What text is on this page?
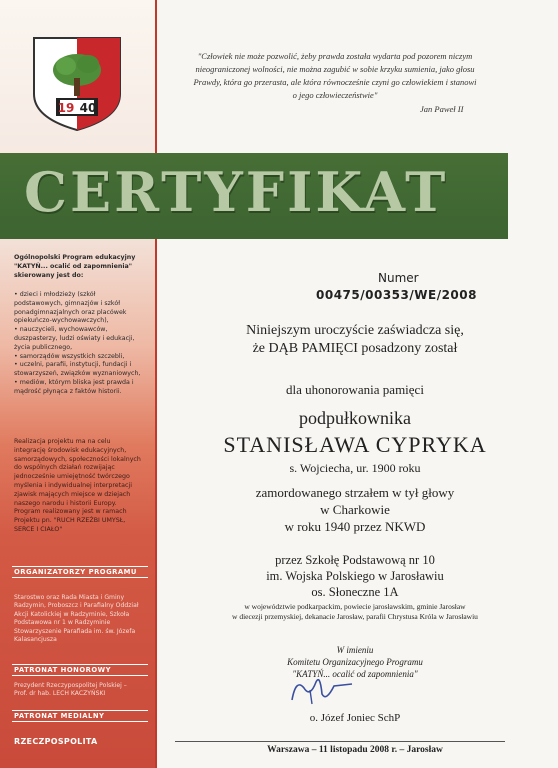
19 40
"Człowiek nie może pozwolić, żeby prawda została wydarta pod pozorem niczym
nieograniczonej wolności, nie można zagubić w sobie krzyku sumienia, jako głosu
Prawdy, która go przerasta, ale która równocześnie czyni go człowiekiem i stanowi
o jego człowieczeństwie"
Jan Paweł II
CERTYFIKAT
Ogólnopolski Program edukacyjny "KATYŃ... ocalić od zapomnienia" skierowany jest do:
• dzieci i młodzieży (szkół podstawowych, gimnazjów i szkół ponadgimnazjalnych oraz placówek opiekuńczo-wychowawczych),
• nauczycieli, wychowawców, duszpasterzy, ludzi oświaty i edukacji, życia publicznego,
• samorządów wszystkich szczebli,
• uczelni, parafii, instytucji, fundacji i stowarzyszeń, związków wyznaniowych,
• mediów, którym bliska jest prawda i mądrość płynąca z faktów historii.
Realizacja projektu ma na celu integrację środowisk edukacyjnych, samorządowych, społeczności lokalnych do wspólnych działań rozwijając jednocześnie umiejętność twórczego myślenia i indywidualnej interpretacji zjawisk mających miejsce w dziejach naszego narodu i historii Europy. Program realizowany jest w ramach Projektu pn. "RUCH RZEŹBI UMYSŁ, SERCE I CIAŁO"
ORGANIZATORZY PROGRAMU
Starostwo oraz Rada Miasta i Gminy Radzymin, Proboszcz i Parafialny Oddział Akcji Katolickiej w Radzyminie, Szkoła Podstawowa nr 1 w Radzyminie Stowarzyszenie Parafiada im. św. Józefa Kalasancjusza
PATRONAT HONOROWY
Prezydent Rzeczypospolitej Polskiej – Prof. dr hab. LECH KACZYŃSKI
PATRONAT MEDIALNY
RZECZPOSPOLITA
Numer
00475/00353/WE/2008
Niniejszym uroczyście zaświadcza się,
że DĄB PAMIĘCI posadzony został
dla uhonorowania pamięci
podpułkownika
STANISŁAWA CYPRYKA
s. Wojciecha, ur. 1900 roku
zamordowanego strzałem w tył głowy
w Charkowie
w roku 1940 przez NKWD
przez Szkołę Podstawową nr 10
im. Wojska Polskiego w Jarosławiu
os. Słoneczne 1A
w województwie podkarpackim, powiecie jarosławskim, gminie Jarosław
w diecezji przemyskiej, dekanacie Jarosław, parafii Chrystusa Króla w Jarosławiu
W imieniu
Komitetu Organizacyjnego Programu
"KATYŃ... ocalić od zapomnienia"
o. Józef Joniec SchP
Warszawa – 11 listopadu 2008 r. – Jarosław
